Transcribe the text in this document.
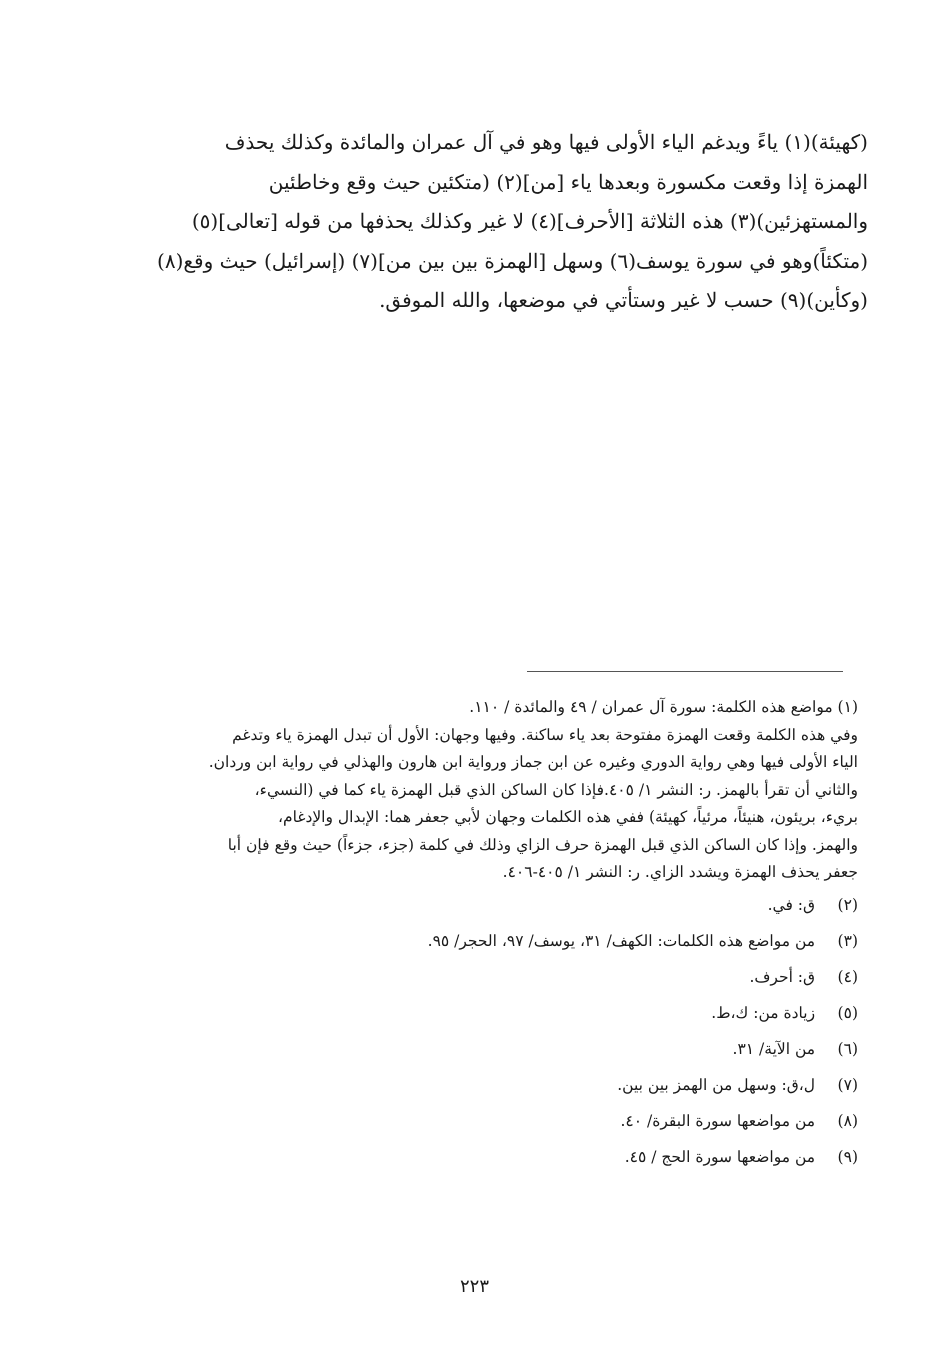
(كهيئة)(١) ياءً ويدغم الياء الأولى فيها وهو في آل عمران والمائدة وكذلك يحذف
الهمزة إذا وقعت مكسورة وبعدها ياء [من](٢) (متكئين حيث وقع وخاطئين
والمستهزئين)(٣) هذه الثلاثة [الأحرف](٤) لا غير وكذلك يحذفها من قوله [تعالى](٥)
(متكئاً)وهو في سورة يوسف(٦) وسهل [الهمزة بين بين من](٧) (إسرائيل) حيث وقع(٨)
(وكأين)(٩) حسب لا غير وستأتي في موضعها، والله الموفق.
(١) مواضع هذه الكلمة: سورة آل عمران / ٤٩ والمائدة / ١١٠.
وفي هذه الكلمة وقعت الهمزة مفتوحة بعد ياء ساكنة. وفيها وجهان: الأول أن تبدل الهمزة ياء وتدغم
الياء الأولى فيها وهي رواية الدوري وغيره عن ابن جماز ورواية ابن هارون والهذلي في رواية ابن وردان.
والثاني أن تقرأ بالهمز. ر: النشر ١/ ٤٠٥.فإذا كان الساكن الذي قبل الهمزة ياء كما في (النسيء،
بريء، بريئون، هنيئاً، مرئياً، كهيئة) ففي هذه الكلمات وجهان لأبي جعفر هما: الإبدال والإدغام،
والهمز. وإذا كان الساكن الذي قبل الهمزة حرف الزاي وذلك في كلمة (جزء، جزءاً) حيث وقع فإن أبا
جعفر يحذف الهمزة ويشدد الزاي. ر: النشر ١/ ٤٠٥-٤٠٦.
(٢) ق: في.
(٣) من مواضع هذه الكلمات: الكهف/ ٣١، يوسف/ ٩٧، الحجر/ ٩٥.
(٤) ق: أحرف.
(٥) زيادة من: ك،ط.
(٦) من الآية/ ٣١.
(٧) ل،ق: وسهل من الهمز بين بين.
(٨) من مواضعها سورة البقرة/ ٤٠.
(٩) من مواضعها سورة الحج / ٤٥.
٢٢٣
